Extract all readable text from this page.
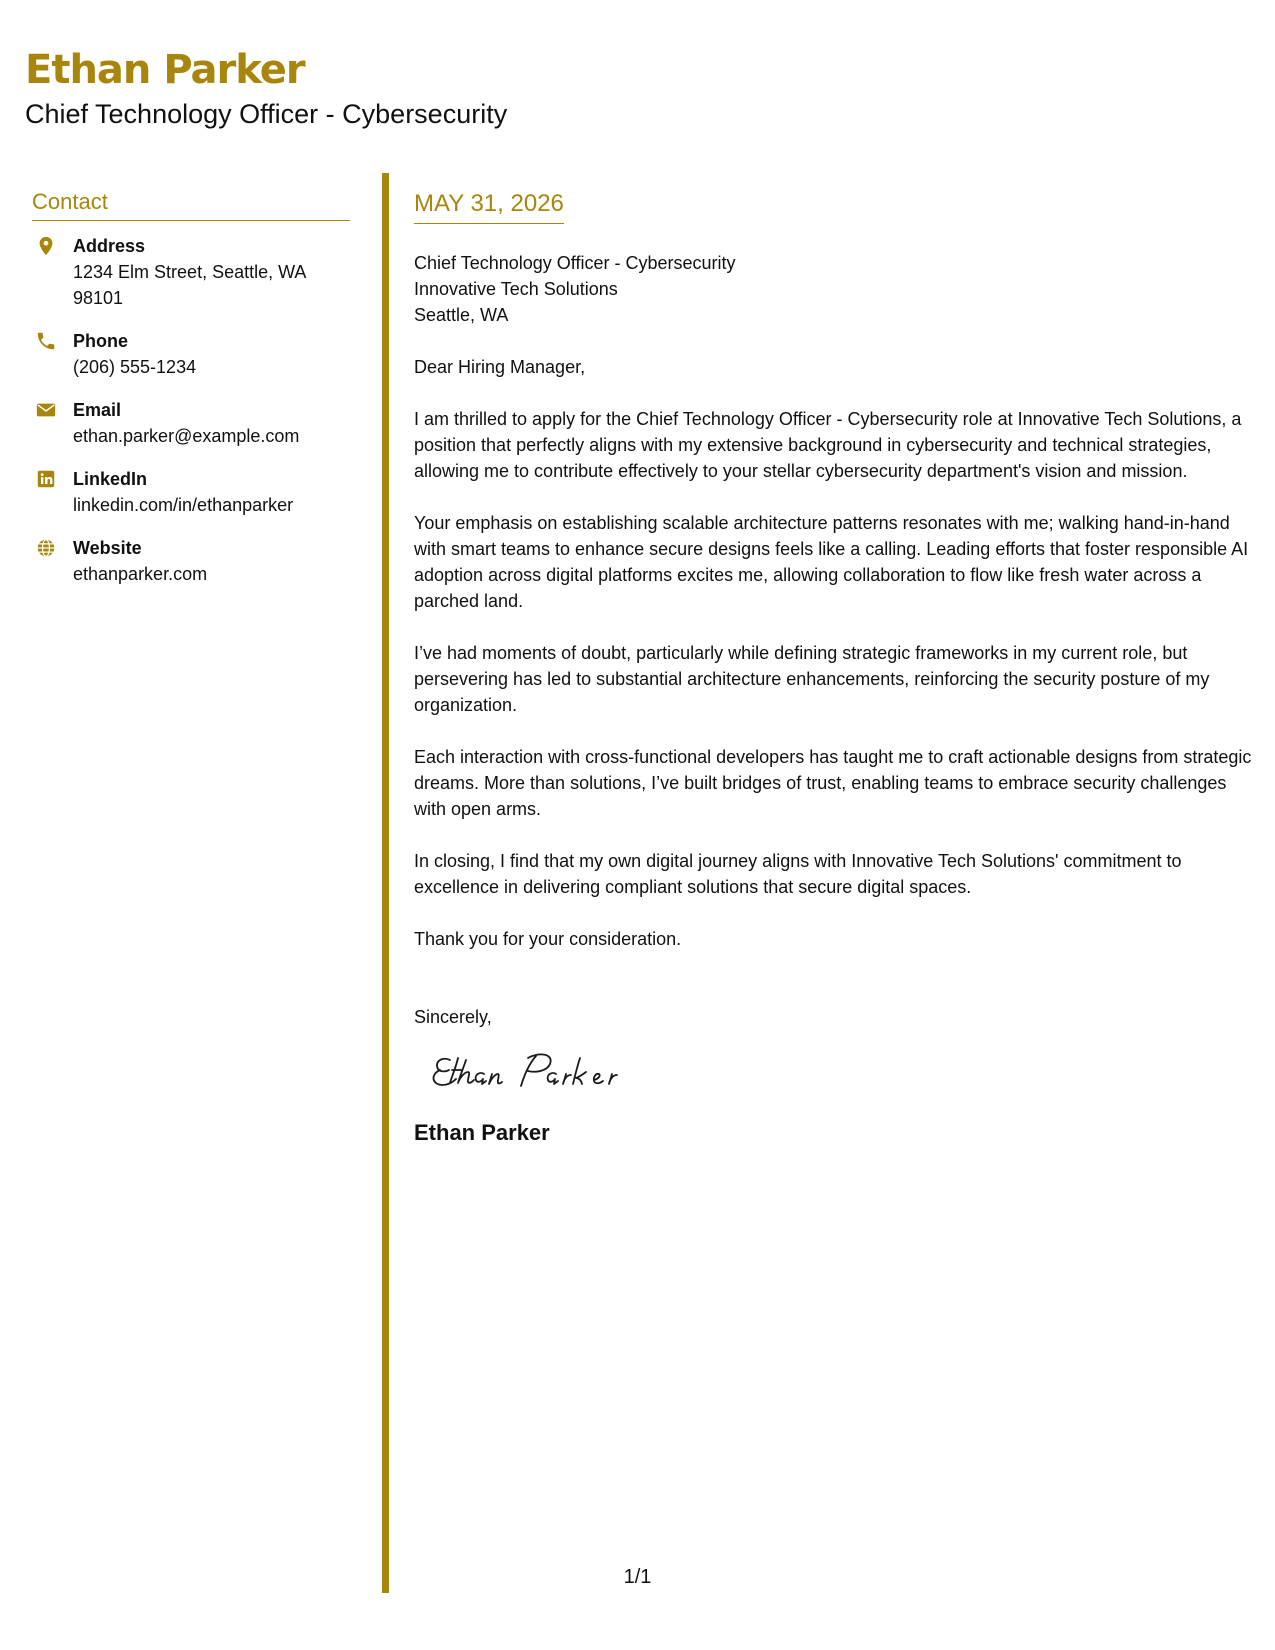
Ethan Parker
Chief Technology Officer - Cybersecurity
Contact
Address
1234 Elm Street, Seattle, WA 98101
Phone
(206) 555-1234
Email
ethan.parker@example.com
LinkedIn
linkedin.com/in/ethanparker
Website
ethanparker.com
MAY 31, 2026

Chief Technology Officer - Cybersecurity

Innovative Tech Solutions

Seattle, WA

Dear Hiring Manager,

I am thrilled to apply for the Chief Technology Officer - Cybersecurity role at Innovative Tech Solutions, a position that perfectly aligns with my extensive background in cybersecurity and technical strategies, allowing me to contribute effectively to your stellar cybersecurity department's vision and mission.

Your emphasis on establishing scalable architecture patterns resonates with me; walking hand-in-hand with smart teams to enhance secure designs feels like a calling. Leading efforts that foster responsible AI adoption across digital platforms excites me, allowing collaboration to flow like fresh water across a parched land.

I’ve had moments of doubt, particularly while defining strategic frameworks in my current role, but persevering has led to substantial architecture enhancements, reinforcing the security posture of my organization.

Each interaction with cross-functional developers has taught me to craft actionable designs from strategic dreams. More than solutions, I’ve built bridges of trust, enabling teams to embrace security challenges with open arms.

In closing, I find that my own digital journey aligns with Innovative Tech Solutions' commitment to excellence in delivering compliant solutions that secure digital spaces.

Thank you for your consideration.

Sincerely,

Ethan Parker
1/1
